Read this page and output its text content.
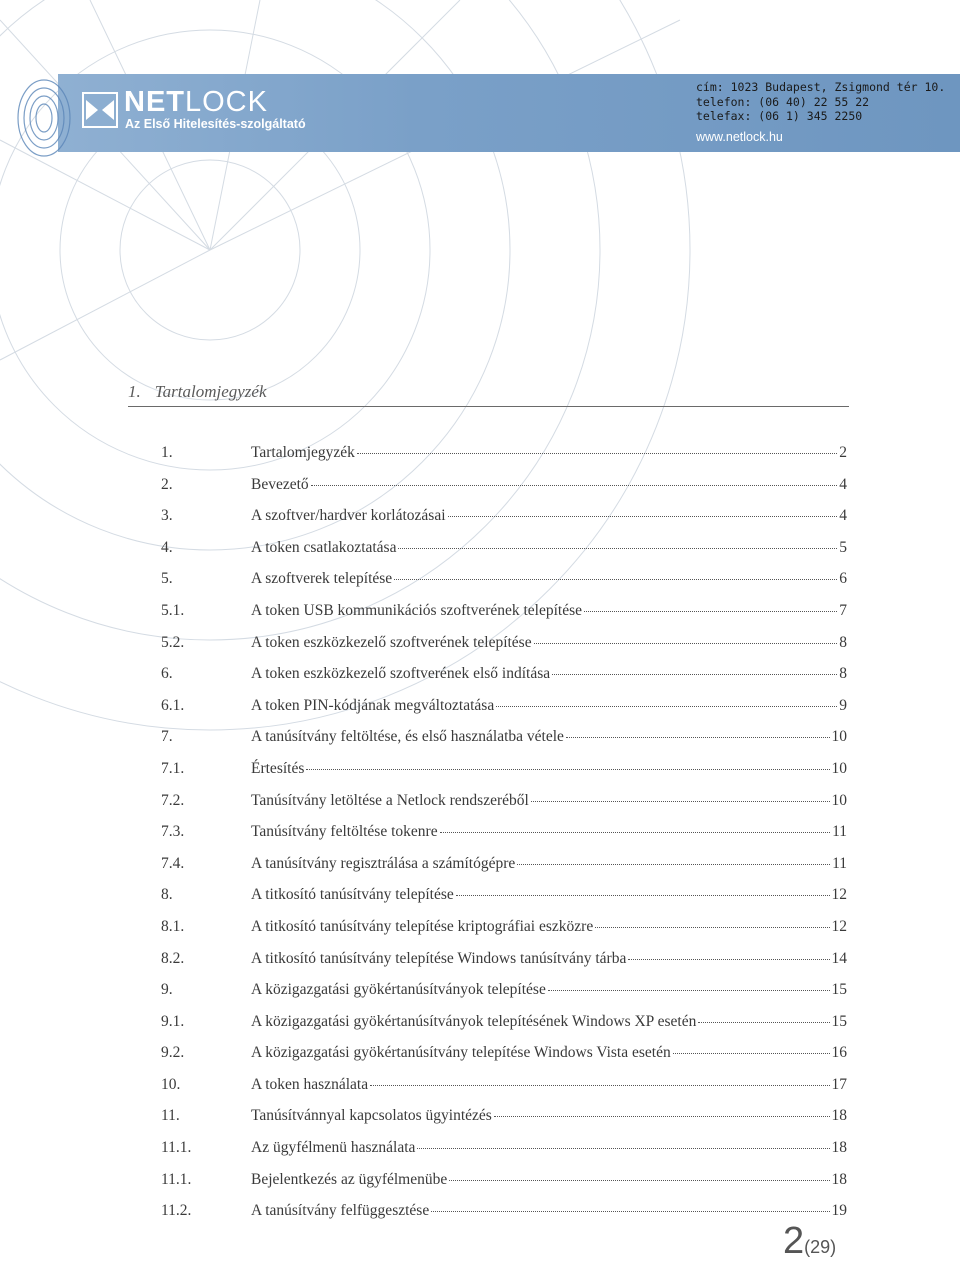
NETLOCK
Az Első Hitelesítés-szolgáltató
cím: 1023 Budapest, Zsigmond tér 10.
telefon: (06 40) 22 55 22
telefax: (06 1) 345 2250
www.netlock.hu
1. Tartalomjegyzék
1.	Tartalomjegyzék	2
2.	Bevezető	4
3.	A szoftver/hardver korlátozásai	4
4.	A token csatlakoztatása	5
5.	A szoftverek telepítése	6
5.1.	A token USB kommunikációs szoftverének telepítése	7
5.2.	A token eszközkezelő szoftverének telepítése	8
6.	A token eszközkezelő szoftverének első indítása	8
6.1.	A token PIN-kódjának megváltoztatása	9
7.	A tanúsítvány feltöltése, és első használatba vétele	10
7.1.	Értesítés	10
7.2.	Tanúsítvány letöltése a Netlock rendszeréből	10
7.3.	Tanúsítvány feltöltése tokenre	11
7.4.	A tanúsítvány regisztrálása a számítógépre	11
8.	A titkosító tanúsítvány telepítése	12
8.1.	A titkosító tanúsítvány telepítése kriptográfiai eszközre	12
8.2.	A titkosító tanúsítvány telepítése Windows tanúsítvány tárba	14
9.	A közigazgatási gyökértanúsítványok telepítése	15
9.1.	A közigazgatási gyökértanúsítványok telepítésének Windows XP esetén	15
9.2.	A közigazgatási gyökértanúsítvány telepítése Windows Vista esetén	16
10.	A token használata	17
11.	Tanúsítvánnyal kapcsolatos ügyintézés	18
11.1.	Az ügyfélmenü használata	18
11.1.	Bejelentkezés az ügyfélmenübe	18
11.2.	A tanúsítvány felfüggesztése	19
2(29)
